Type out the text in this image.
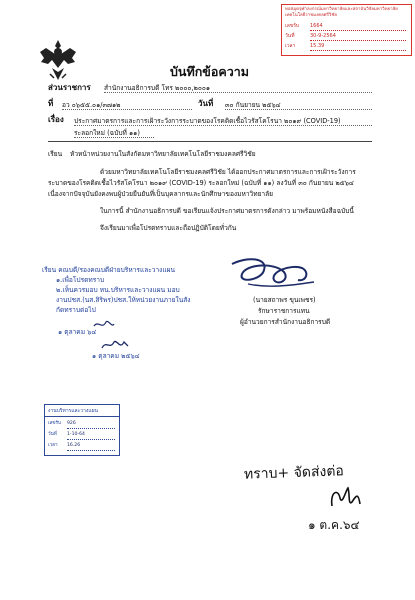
หอสมุดจุฬาลงกรณ์มหาวิทยาลัยและสถาบันวิจัยมหาวิทยาลัยเทคโนโลยีราชมงคลศรีวิชัย
เลขรับ 1664
วันที่	30-9-2564
เวลา	15.39
บันทึกข้อความ
ส่วนราชการ สำนักงานอธิการบดี โทร ๒๐๐๐,๒๐๐๑
ที่ อว ๐๖๕๕.๐๑/๓๗๑๒	วันที่ ๓๐ กันยายน ๒๕๖๔
เรื่อง ประกาศมาตรการและการเฝ้าระวังการระบาดของโรคติดเชื้อไวรัสโคโรนา ๒๐๑๙ (COVID-19)
ระลอกใหม่ (ฉบับที่ ๑๑)
เรียน หัวหน้าหน่วยงานในสังกัดมหาวิทยาลัยเทคโนโลยีราชมงคลศรีวิชัย
ด้วยมหาวิทยาลัยเทคโนโลยีราชมงคลศรีวิชัย ได้ออกประกาศมาตรการและการเฝ้าระวังการ
ระบาดของโรคติดเชื้อไวรัสโคโรนา ๒๐๑๙ (COVID-19) ระลอกใหม่ (ฉบับที่ ๑๑) ลงวันที่ ๓๐ กันยายน ๒๕๖๔
เนื่องจากปัจจุบันยังคงพบผู้ป่วยยืนยันที่เป็นบุคลากรและนักศึกษาของมหาวิทยาลัย
ในการนี้ สำนักงานอธิการบดี ขอเรียนแจ้งประกาศมาตรการดังกล่าว มาพร้อมหนังสือฉบับนี้
จึงเรียนมาเพื่อโปรดทราบและถือปฏิบัติโดยทั่วกัน
(นายสถาพร ขุนเพชร)
รักษาราชการแทน
ผู้อำนวยการสำนักงานอธิการบดี
เรียน คณบดี/รองคณบดีฝ่ายบริหารและวางแผน
๑.เพื่อโปรดทราบ
๒.เห็นควรมอบ หน.บริหารและวางแผน มอบ
งานปชส.(นส.สิริพร)ปชส.ให้หน่วยงานภายในสัง
กัดทราบต่อไป
๑ ตุลาคม ๖๔
๑ ตุลาคม ๒๕๖๔
งานบริหารและวางแผน
เลขรับ 926
วันที่ 1-10-64
เวลา 16.26
ทราบ+ จัดส่งต่อ
๑ ต.ค.๖๔
